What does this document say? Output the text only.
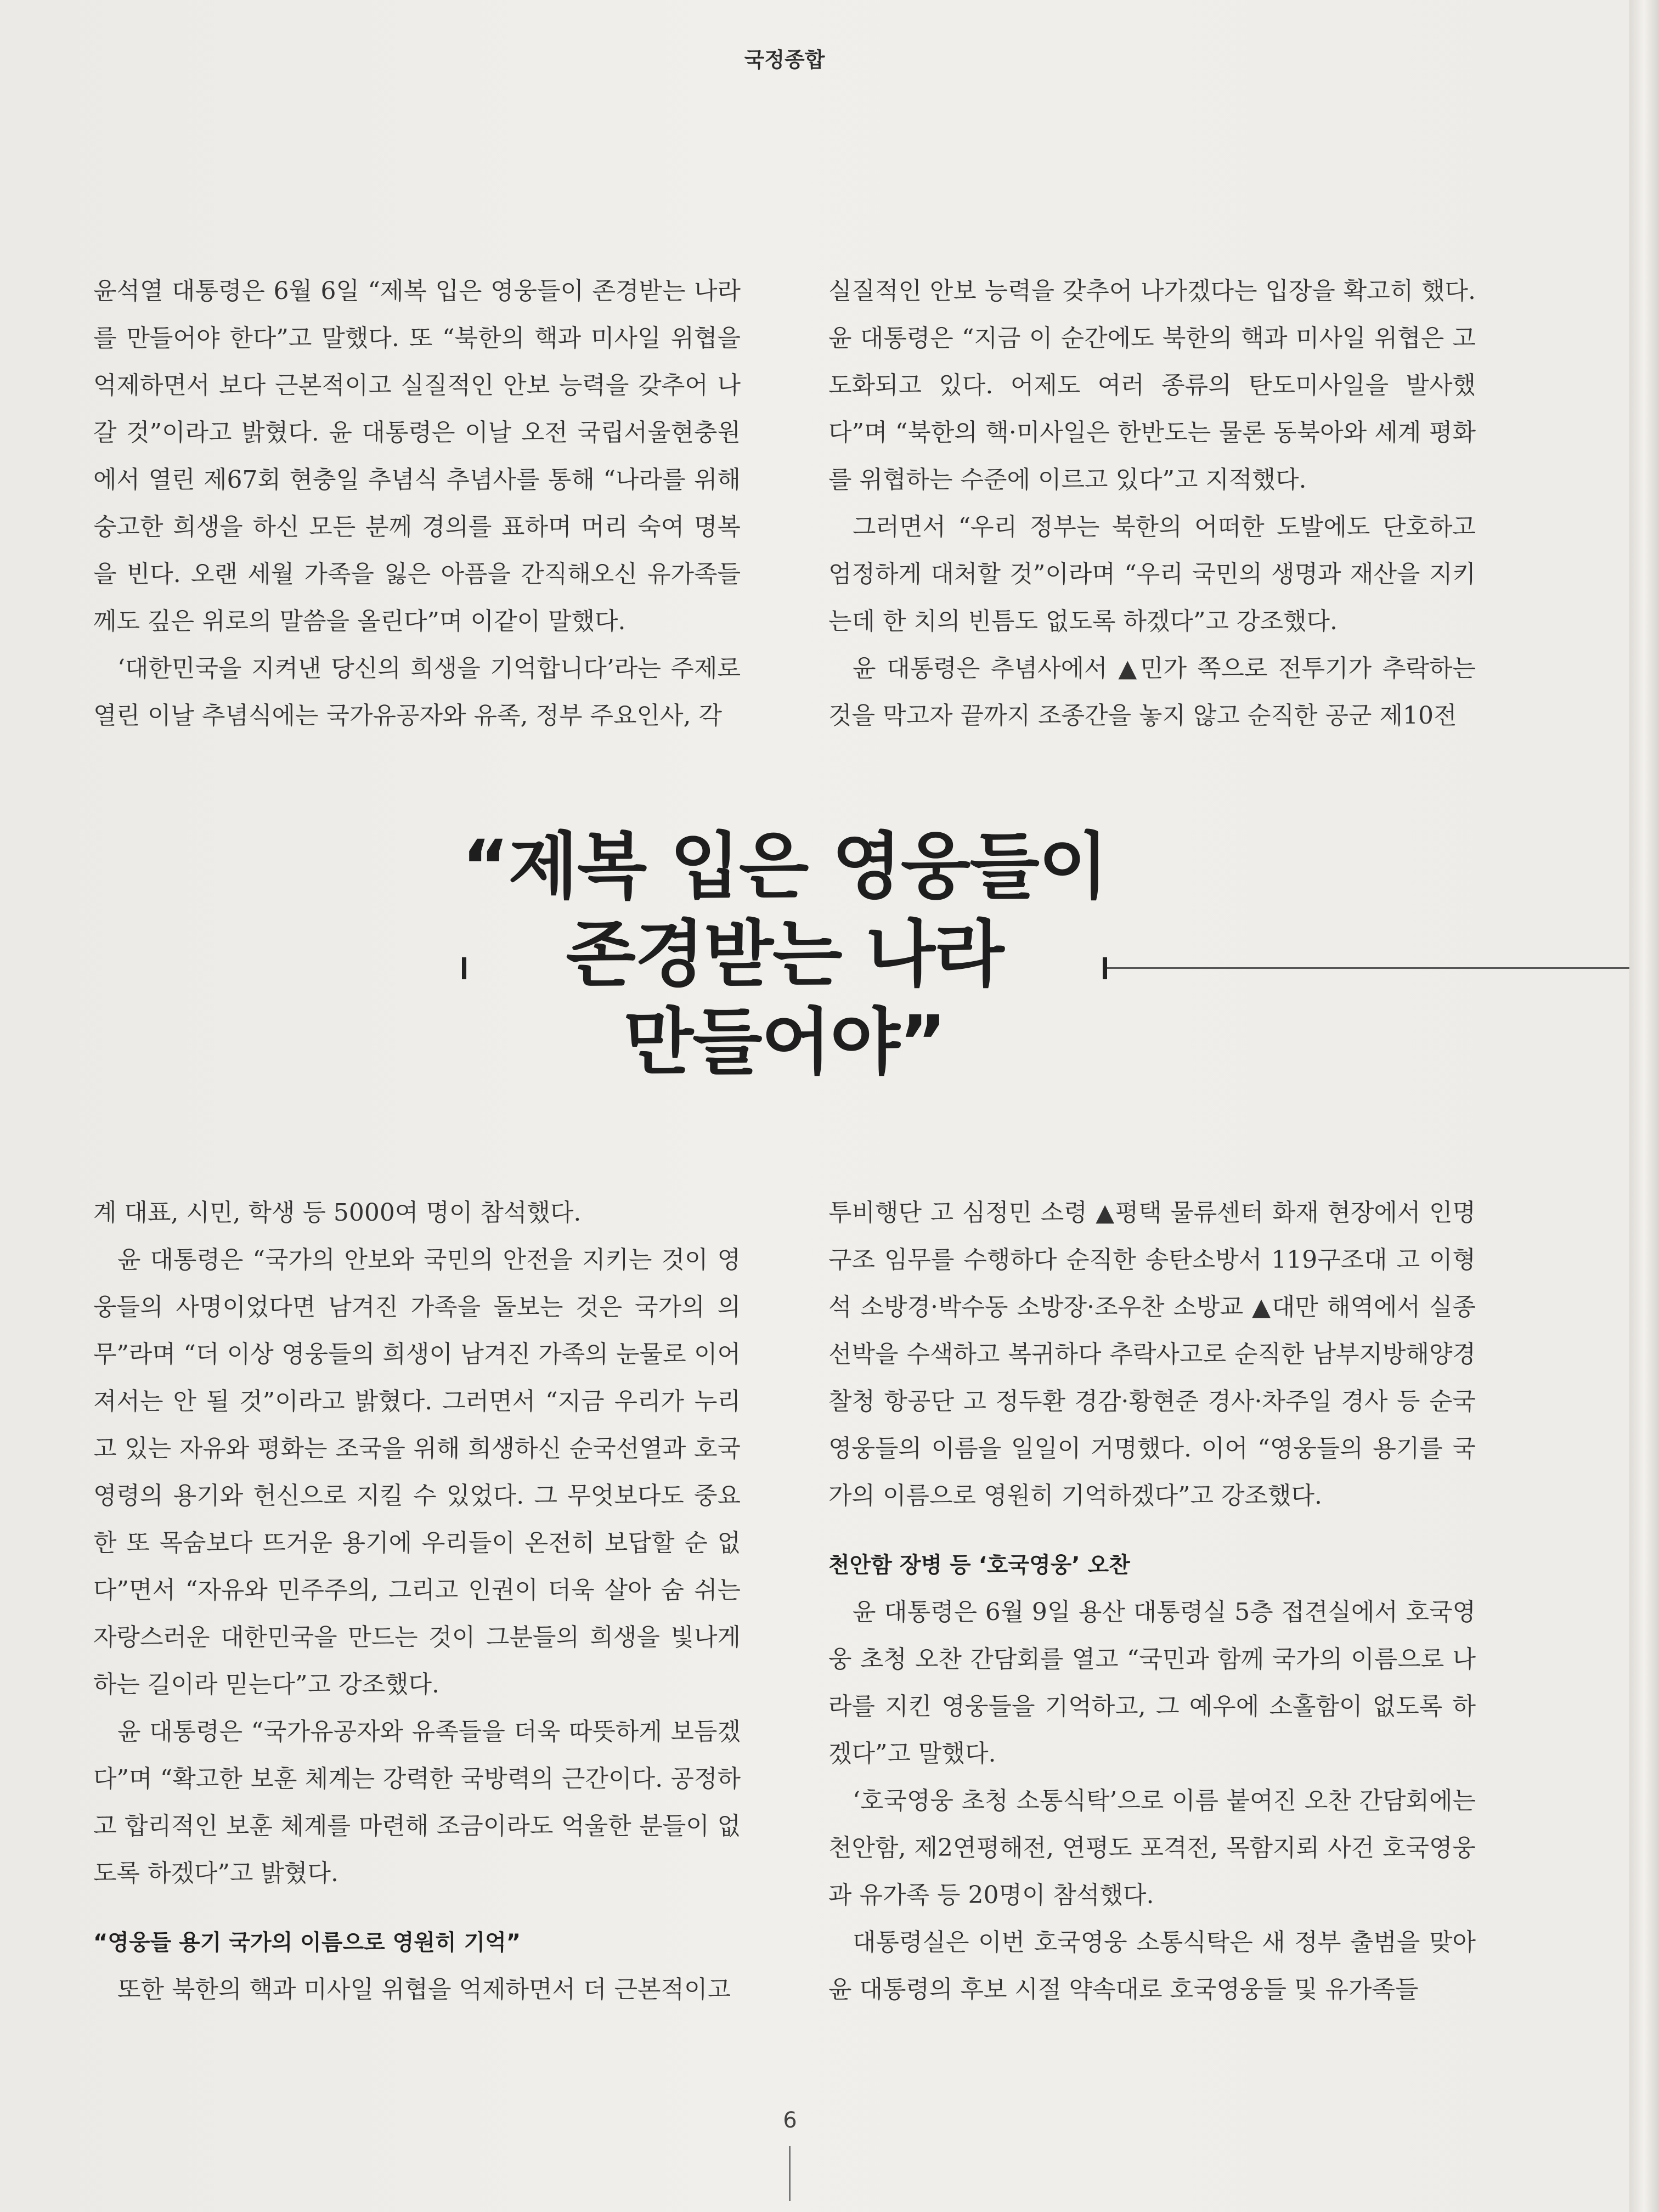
국정종합

윤석열 대통령은 6월 6일 “제복 입은 영웅들이 존경받는 나라를 만들어야 한다”고 말했다. 또 “북한의 핵과 미사일 위협을 억제하면서 보다 근본적이고 실질적인 안보 능력을 갖추어 나갈 것”이라고 밝혔다. 윤 대통령은 이날 오전 국립서울현충원에서 열린 제67회 현충일 추념식 추념사를 통해 “나라를 위해 숭고한 희생을 하신 모든 분께 경의를 표하며 머리 숙여 명복을 빈다. 오랜 세월 가족을 잃은 아픔을 간직해오신 유가족들께도 깊은 위로의 말씀을 올린다”며 이같이 말했다.

‘대한민국을 지켜낸 당신의 희생을 기억합니다’라는 주제로 열린 이날 추념식에는 국가유공자와 유족, 정부 주요인사, 각

실질적인 안보 능력을 갖추어 나가겠다는 입장을 확고히 했다. 윤 대통령은 “지금 이 순간에도 북한의 핵과 미사일 위협은 고도화되고 있다. 어제도 여러 종류의 탄도미사일을 발사했다”며 “북한의 핵·미사일은 한반도는 물론 동북아와 세계 평화를 위협하는 수준에 이르고 있다”고 지적했다.

그러면서 “우리 정부는 북한의 어떠한 도발에도 단호하고 엄정하게 대처할 것”이라며 “우리 국민의 생명과 재산을 지키는데 한 치의 빈틈도 없도록 하겠다”고 강조했다.

윤 대통령은 추념사에서 ▲민가 쪽으로 전투기가 추락하는 것을 막고자 끝까지 조종간을 놓지 않고 순직한 공군 제10전

“제복 입은 영웅들이
존경받는 나라
만들어야”

계 대표, 시민, 학생 등 5000여 명이 참석했다.

윤 대통령은 “국가의 안보와 국민의 안전을 지키는 것이 영웅들의 사명이었다면 남겨진 가족을 돌보는 것은 국가의 의무”라며 “더 이상 영웅들의 희생이 남겨진 가족의 눈물로 이어져서는 안 될 것”이라고 밝혔다. 그러면서 “지금 우리가 누리고 있는 자유와 평화는 조국을 위해 희생하신 순국선열과 호국영령의 용기와 헌신으로 지킬 수 있었다. 그 무엇보다도 중요한 또 목숨보다 뜨거운 용기에 우리들이 온전히 보답할 순 없다”면서 “자유와 민주주의, 그리고 인권이 더욱 살아 숨 쉬는 자랑스러운 대한민국을 만드는 것이 그분들의 희생을 빛나게 하는 길이라 믿는다”고 강조했다.

윤 대통령은 “국가유공자와 유족들을 더욱 따뜻하게 보듬겠다”며 “확고한 보훈 체계는 강력한 국방력의 근간이다. 공정하고 합리적인 보훈 체계를 마련해 조금이라도 억울한 분들이 없도록 하겠다”고 밝혔다.

“영웅들 용기 국가의 이름으로 영원히 기억”

또한 북한의 핵과 미사일 위협을 억제하면서 더 근본적이고

투비행단 고 심정민 소령 ▲평택 물류센터 화재 현장에서 인명구조 임무를 수행하다 순직한 송탄소방서 119구조대 고 이형석 소방경·박수동 소방장·조우찬 소방교 ▲대만 해역에서 실종 선박을 수색하고 복귀하다 추락사고로 순직한 남부지방해양경찰청 항공단 고 정두환 경감·황현준 경사·차주일 경사 등 순국 영웅들의 이름을 일일이 거명했다. 이어 “영웅들의 용기를 국가의 이름으로 영원히 기억하겠다”고 강조했다.

천안함 장병 등 ‘호국영웅’ 오찬

윤 대통령은 6월 9일 용산 대통령실 5층 접견실에서 호국영웅 초청 오찬 간담회를 열고 “국민과 함께 국가의 이름으로 나라를 지킨 영웅들을 기억하고, 그 예우에 소홀함이 없도록 하겠다”고 말했다.

‘호국영웅 초청 소통식탁’으로 이름 붙여진 오찬 간담회에는 천안함, 제2연평해전, 연평도 포격전, 목함지뢰 사건 호국영웅과 유가족 등 20명이 참석했다.

대통령실은 이번 호국영웅 소통식탁은 새 정부 출범을 맞아 윤 대통령의 후보 시절 약속대로 호국영웅들 및 유가족들

6
